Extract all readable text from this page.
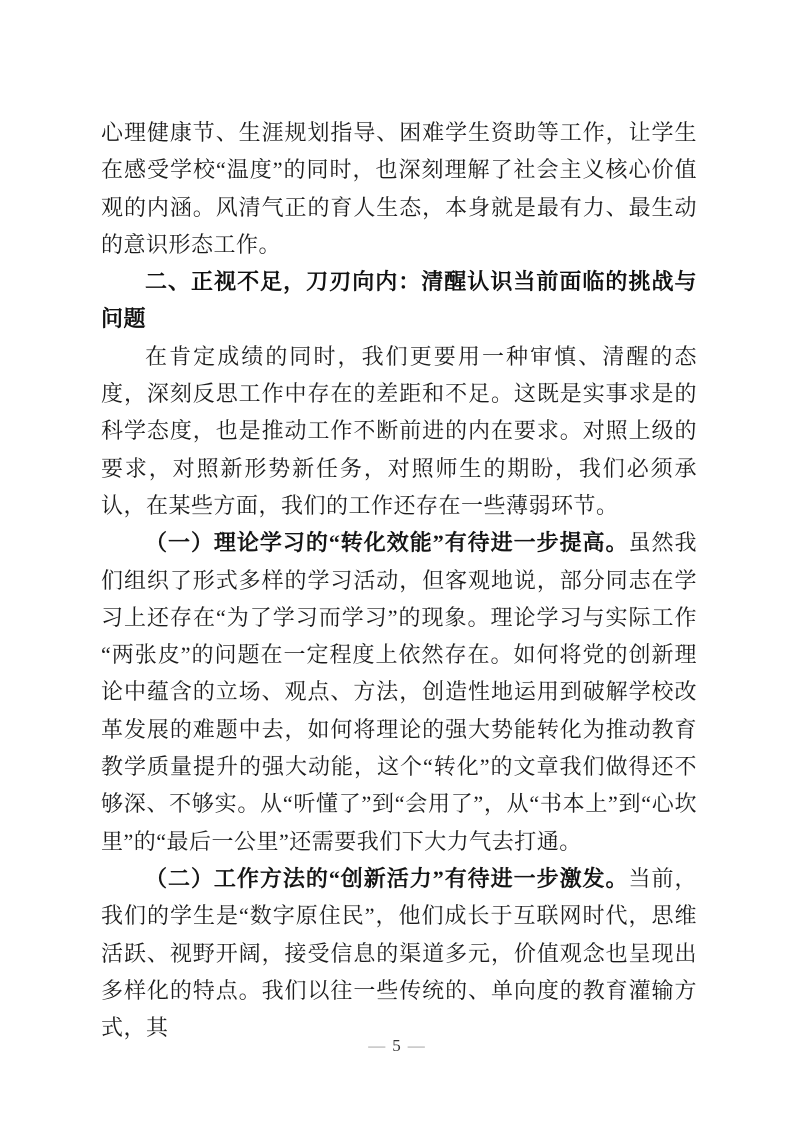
心理健康节、生涯规划指导、困难学生资助等工作，让学生在感受学校“温度”的同时，也深刻理解了社会主义核心价值观的内涵。风清气正的育人生态，本身就是最有力、最生动的意识形态工作。

二、正视不足，刀刃向内：清醒认识当前面临的挑战与问题

在肯定成绩的同时，我们更要用一种审慎、清醒的态度，深刻反思工作中存在的差距和不足。这既是实事求是的科学态度，也是推动工作不断前进的内在要求。对照上级的要求，对照新形势新任务，对照师生的期盼，我们必须承认，在某些方面，我们的工作还存在一些薄弱环节。

（一）理论学习的“转化效能”有待进一步提高。虽然我们组织了形式多样的学习活动，但客观地说，部分同志在学习上还存在“为了学习而学习”的现象。理论学习与实际工作“两张皮”的问题在一定程度上依然存在。如何将党的创新理论中蕴含的立场、观点、方法，创造性地运用到破解学校改革发展的难题中去，如何将理论的强大势能转化为推动教育教学质量提升的强大动能，这个“转化”的文章我们做得还不够深、不够实。从“听懂了”到“会用了”，从“书本上”到“心坎里”的“最后一公里”还需要我们下大力气去打通。

（二）工作方法的“创新活力”有待进一步激发。当前，我们的学生是“数字原住民”，他们成长于互联网时代，思维活跃、视野开阔，接受信息的渠道多元，价值观念也呈现出多样化的特点。我们以往一些传统的、单向度的教育灌输方式，其

— 5 —
